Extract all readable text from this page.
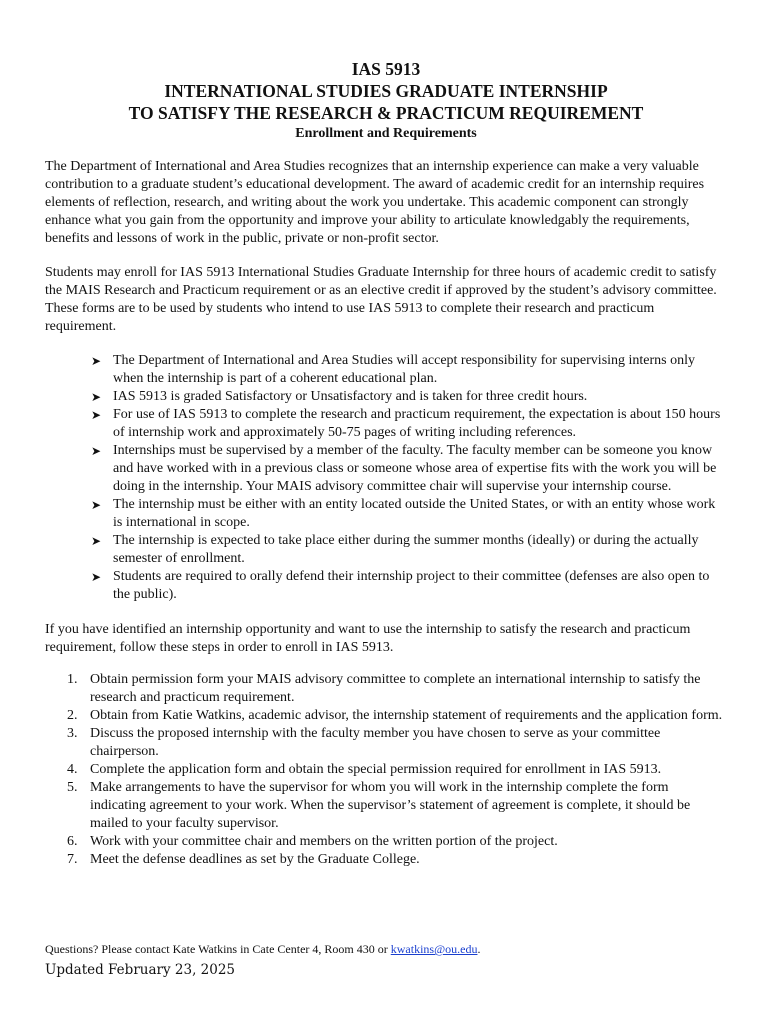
IAS 5913
INTERNATIONAL STUDIES GRADUATE INTERNSHIP
TO SATISFY THE RESEARCH & PRACTICUM REQUIREMENT
Enrollment and Requirements

The Department of International and Area Studies recognizes that an internship experience can make a very valuable contribution to a graduate student’s educational development. The award of academic credit for an internship requires elements of reflection, research, and writing about the work you undertake. This academic component can strongly enhance what you gain from the opportunity and improve your ability to articulate knowledgably the requirements, benefits and lessons of work in the public, private or non-profit sector.

Students may enroll for IAS 5913 International Studies Graduate Internship for three hours of academic credit to satisfy the MAIS Research and Practicum requirement or as an elective credit if approved by the student’s advisory committee. These forms are to be used by students who intend to use IAS 5913 to complete their research and practicum requirement.

➤ The Department of International and Area Studies will accept responsibility for supervising interns only when the internship is part of a coherent educational plan.
➤ IAS 5913 is graded Satisfactory or Unsatisfactory and is taken for three credit hours.
➤ For use of IAS 5913 to complete the research and practicum requirement, the expectation is about 150 hours of internship work and approximately 50-75 pages of writing including references.
➤ Internships must be supervised by a member of the faculty. The faculty member can be someone you know and have worked with in a previous class or someone whose area of expertise fits with the work you will be doing in the internship. Your MAIS advisory committee chair will supervise your internship course.
➤ The internship must be either with an entity located outside the United States, or with an entity whose work is international in scope.
➤ The internship is expected to take place either during the summer months (ideally) or during the actually semester of enrollment.
➤ Students are required to orally defend their internship project to their committee (defenses are also open to the public).

If you have identified an internship opportunity and want to use the internship to satisfy the research and practicum requirement, follow these steps in order to enroll in IAS 5913.

1. Obtain permission form your MAIS advisory committee to complete an international internship to satisfy the research and practicum requirement.
2. Obtain from Katie Watkins, academic advisor, the internship statement of requirements and the application form.
3. Discuss the proposed internship with the faculty member you have chosen to serve as your committee chairperson.
4. Complete the application form and obtain the special permission required for enrollment in IAS 5913.
5. Make arrangements to have the supervisor for whom you will work in the internship complete the form indicating agreement to your work. When the supervisor’s statement of agreement is complete, it should be mailed to your faculty supervisor.
6. Work with your committee chair and members on the written portion of the project.
7. Meet the defense deadlines as set by the Graduate College.
Questions? Please contact Kate Watkins in Cate Center 4, Room 430 or kwatkins@ou.edu.
Updated February 23, 2025
